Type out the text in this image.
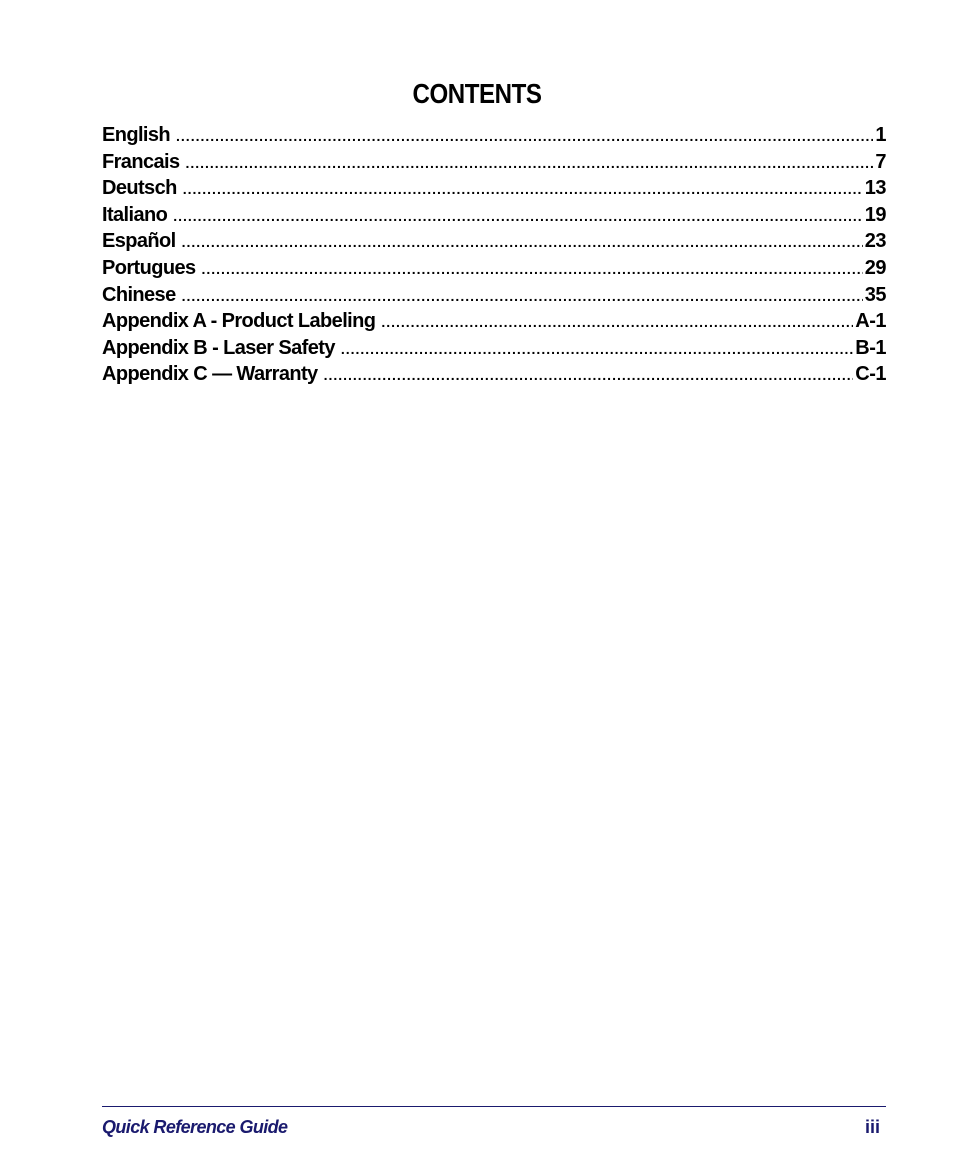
CONTENTS
English .....	1
Francais .....	7
Deutsch .....	13
Italiano .....	19
Español .....	23
Portugues .....	29
Chinese .....	35
Appendix A - Product Labeling .....	A-1
Appendix B - Laser Safety .....	B-1
Appendix C — Warranty .....	C-1
Quick Reference Guide	iii
